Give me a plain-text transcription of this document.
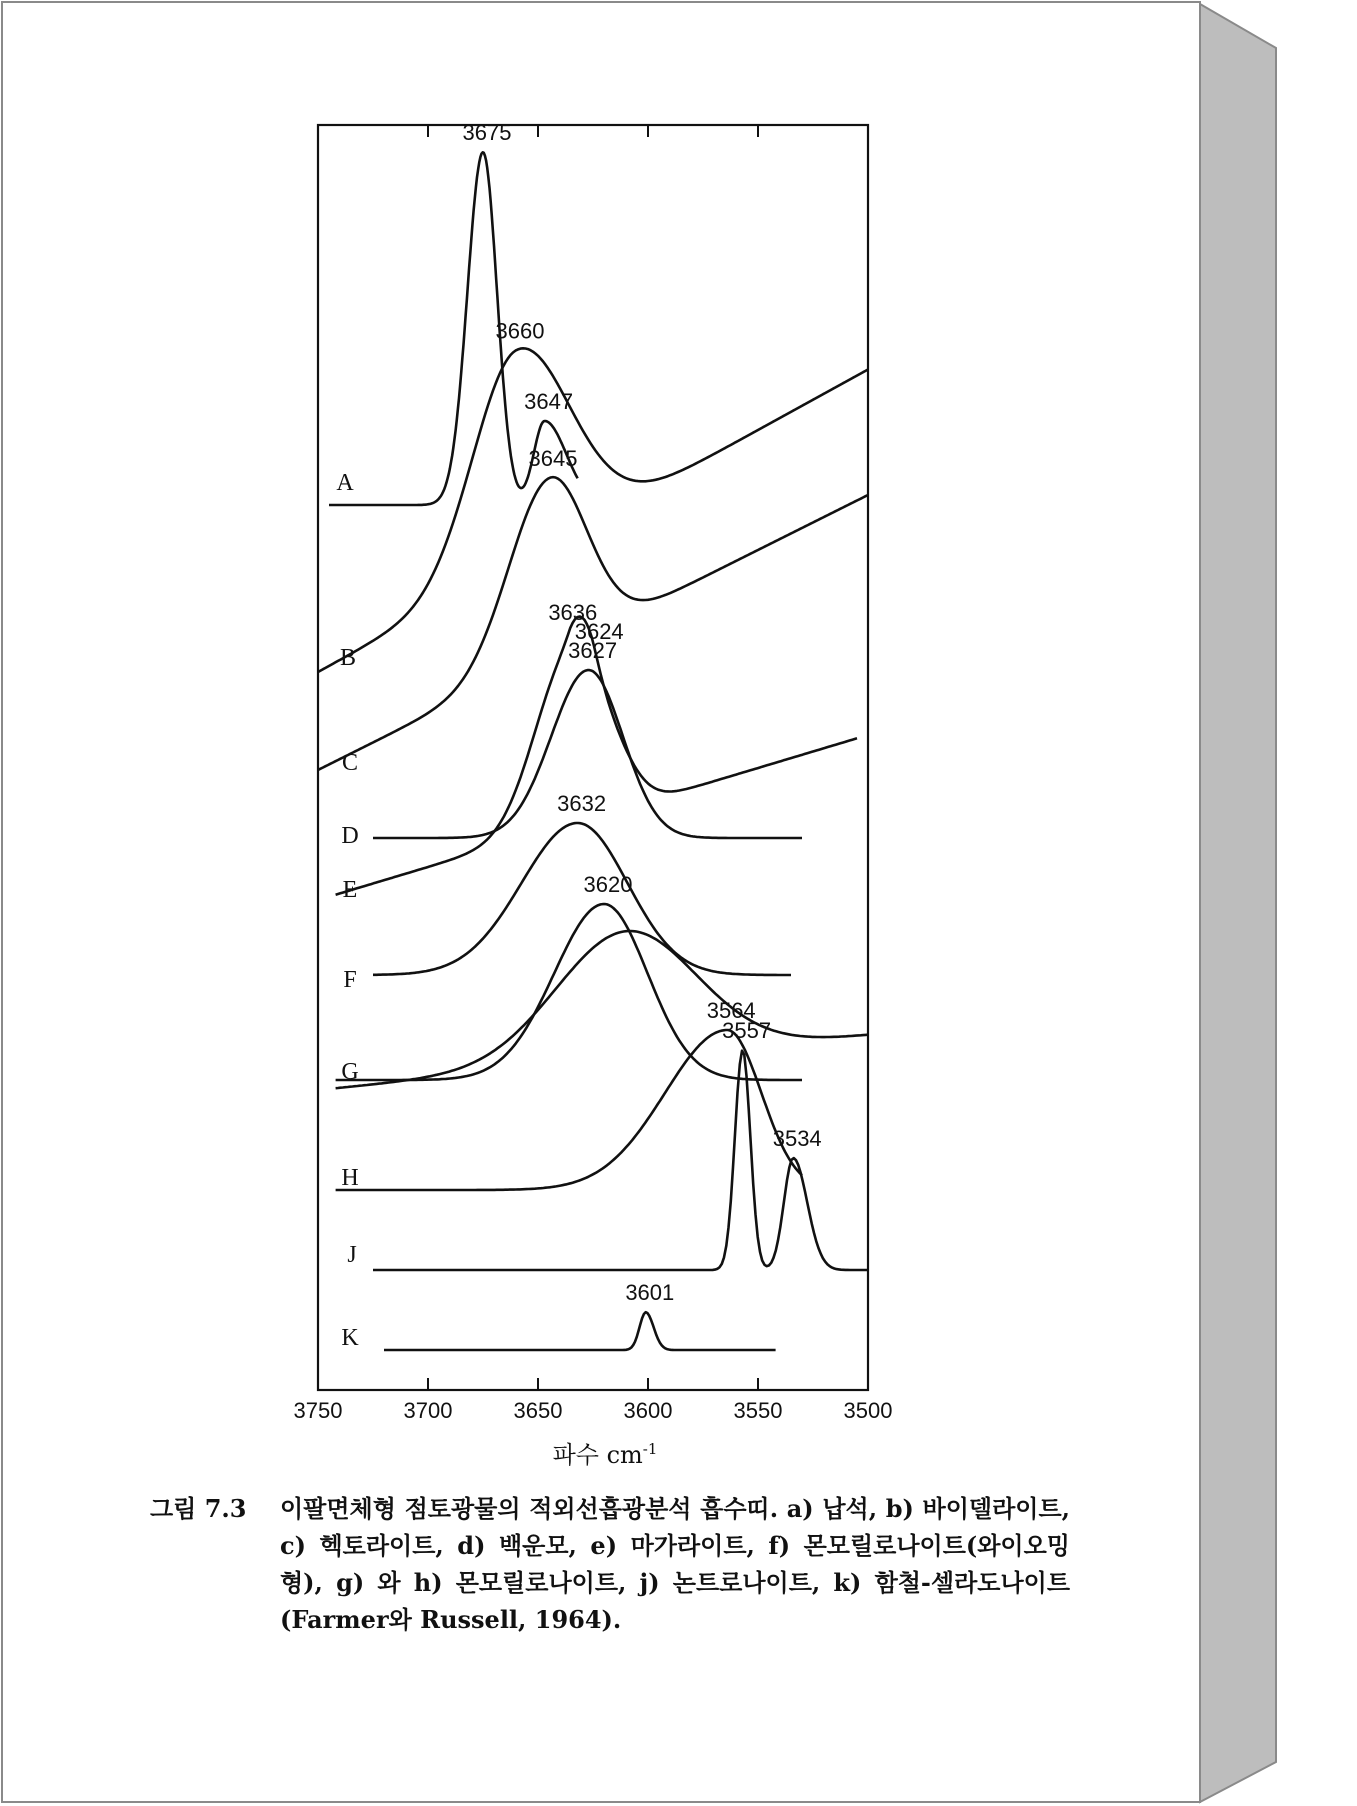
3750	3700	3650	3600	3550	3500
A
3675
3647
B
3660
C
3645
D
3627
E
3636
3624
F
3632
G
3620
H
J
3564
3557
3534
K
3601
파수 $cm^{-1}$
그림 7.3	이팔면체형 점토광물의 적외선흡광분석 흡수띠. a) 납석, b) 바이델라이트, c) 헥토라이트, d) 백운모, e) 마가라이트, f) 몬모릴로나이트(와이오밍 형), g) 와 h) 몬모릴로나이트, j) 논트로나이트, k) 함철-셀라도나이트 (Farmer와 Russell, 1964).
